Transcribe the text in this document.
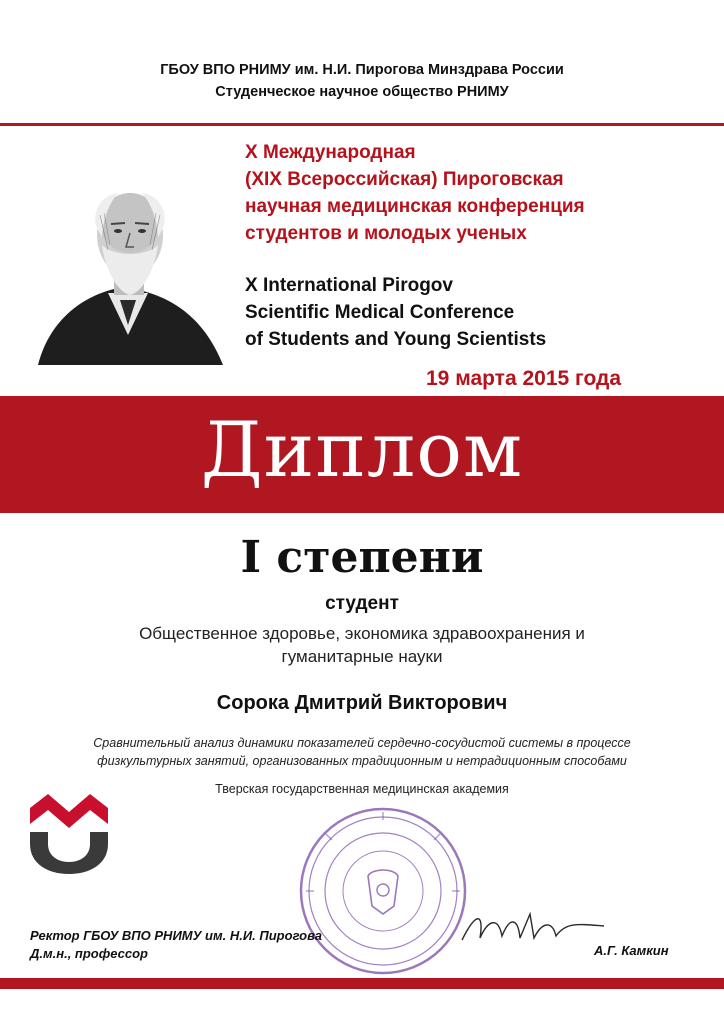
ГБОУ ВПО РНИМУ им. Н.И. Пирогова Минздрава России
Студенческое научное общество РНИМУ
X Международная
(XIX Всероссийская) Пироговская
научная медицинская конференция
студентов и молодых ученых
X International Pirogov
Scientific Medical Conference
of Students and Young Scientists
19 марта 2015 года
Диплом
I степени
студент
Общественное здоровье, экономика здравоохранения и
гуманитарные науки
Сорока Дмитрий Викторович
Сравнительный анализ динамики показателей сердечно-сосудистой системы в процессе
физкультурных занятий, организованных традиционным и нетрадиционным способами
Тверская государственная медицинская академия
Ректор ГБОУ ВПО РНИМУ им. Н.И. Пирогова
Д.м.н., профессор	А.Г. Камкин
